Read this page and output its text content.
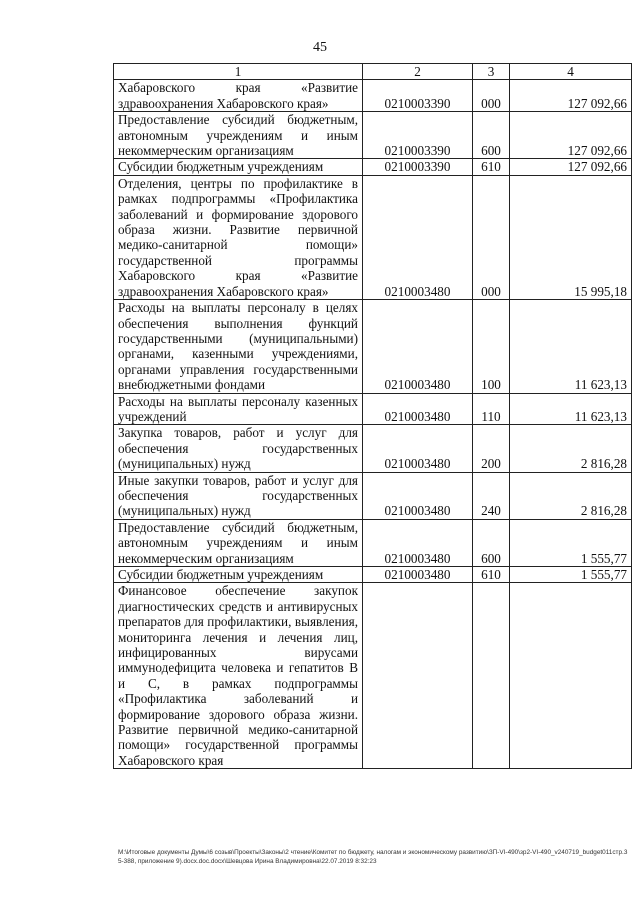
45
1	2	3	4
Хабаровского края «Развитие здравоохранения Хабаровского края»	0210003390	000	127 092,66
Предоставление субсидий бюджетным, автономным учреждениям и иным некоммерческим организациям	0210003390	600	127 092,66
Субсидии бюджетным учреждениям	0210003390	610	127 092,66
Отделения, центры по профилактике в рамках подпрограммы «Профилактика заболеваний и формирование здорового образа жизни. Развитие первичной медико-санитарной помощи» государственной программы Хабаровского края «Развитие здравоохранения Хабаровского края»	0210003480	000	15 995,18
Расходы на выплаты персоналу в целях обеспечения выполнения функций государственными (муниципальными) органами, казенными учреждениями, органами управления государственными внебюджетными фондами	0210003480	100	11 623,13
Расходы на выплаты персоналу казенных учреждений	0210003480	110	11 623,13
Закупка товаров, работ и услуг для обеспечения государственных (муниципальных) нужд	0210003480	200	2 816,28
Иные закупки товаров, работ и услуг для обеспечения государственных (муниципальных) нужд	0210003480	240	2 816,28
Предоставление субсидий бюджетным, автономным учреждениям и иным некоммерческим организациям	0210003480	600	1 555,77
Субсидии бюджетным учреждениям	0210003480	610	1 555,77
Финансовое обеспечение закупок диагностических средств и антивирусных препаратов для профилактики, выявления, мониторинга лечения и лечения лиц, инфицированных вирусами иммунодефицита человека и гепатитов В и С, в рамках подпрограммы «Профилактика заболеваний и формирование здорового образа жизни. Развитие первичной медико-санитарной помощи» государственной программы Хабаровского края			
M:\Итоговые документы Думы\6 созыв\Проекты\Законы\2 чтение\Комитет по бюджету, налогам и экономическому развитию\ЗП-VI-490\зр2-VI-490_v240719_budget011стр.35-388, приложение 9).docx.doc.docx\Шевцова Ирина Владимировна\22.07.2019 8:32:23
